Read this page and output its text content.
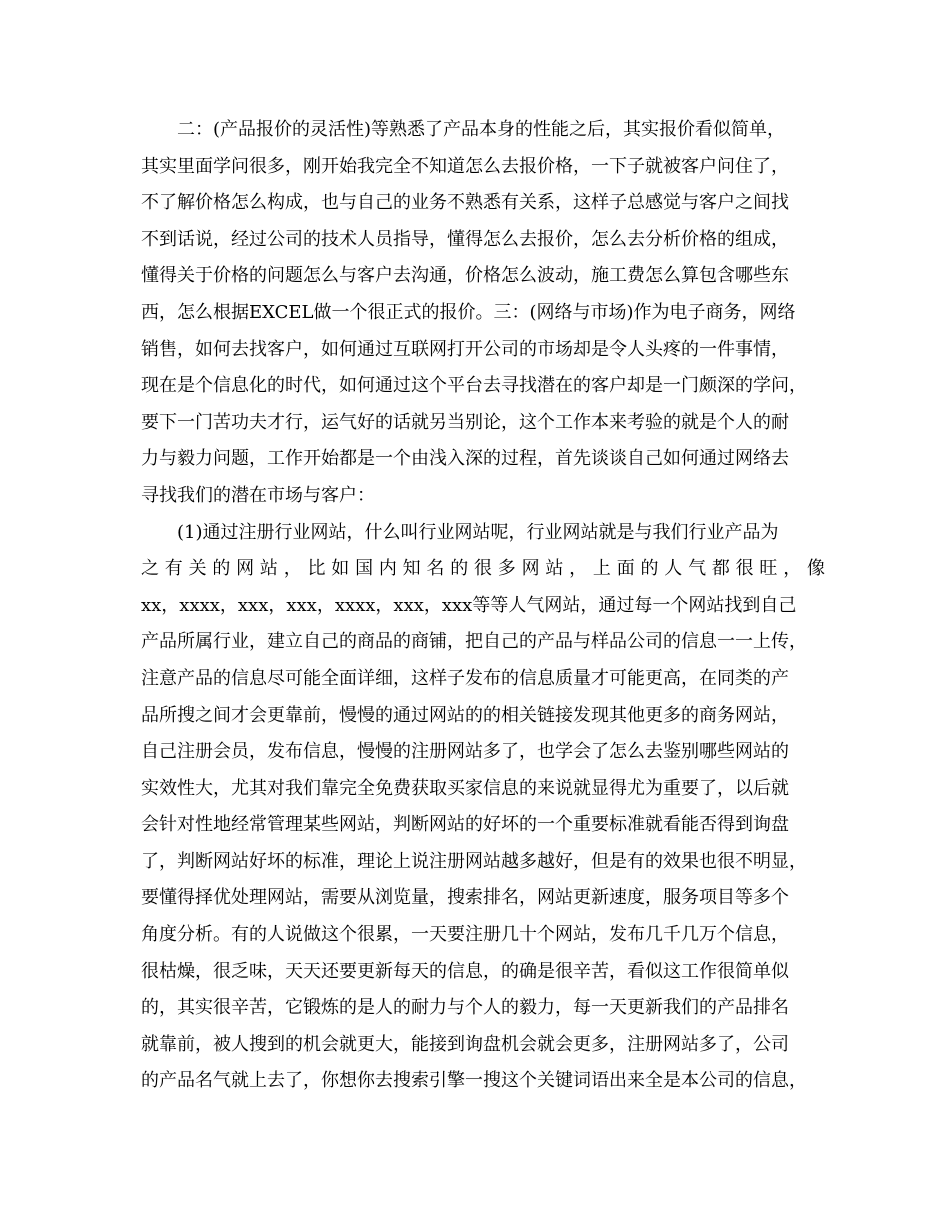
二：(产品报价的灵活性)等熟悉了产品本身的性能之后，其实报价看似简单，
其实里面学问很多，刚开始我完全不知道怎么去报价格，一下子就被客户问住了，
不了解价格怎么构成，也与自己的业务不熟悉有关系，这样子总感觉与客户之间找
不到话说，经过公司的技术人员指导，懂得怎么去报价，怎么去分析价格的组成，
懂得关于价格的问题怎么与客户去沟通，价格怎么波动，施工费怎么算包含哪些东
西，怎么根据EXCEL做一个很正式的报价。三：(网络与市场)作为电子商务，网络
销售，如何去找客户，如何通过互联网打开公司的市场却是令人头疼的一件事情，
现在是个信息化的时代，如何通过这个平台去寻找潜在的客户却是一门颇深的学问，
要下一门苦功夫才行，运气好的话就另当别论，这个工作本来考验的就是个人的耐
力与毅力问题，工作开始都是一个由浅入深的过程，首先谈谈自己如何通过网络去
寻找我们的潜在市场与客户：
(1)通过注册行业网站，什么叫行业网站呢，行业网站就是与我们行业产品为
之有关的网站，比如国内知名的很多网站，上面的人气都很旺，像
xx，xxxx，xxx，xxx，xxxx，xxx，xxx等等人气网站，通过每一个网站找到自己
产品所属行业，建立自己的商品的商铺，把自己的产品与样品公司的信息一一上传，
注意产品的信息尽可能全面详细，这样子发布的信息质量才可能更高，在同类的产
品所搜之间才会更靠前，慢慢的通过网站的的相关链接发现其他更多的商务网站，
自己注册会员，发布信息，慢慢的注册网站多了，也学会了怎么去鉴别哪些网站的
实效性大，尤其对我们靠完全免费获取买家信息的来说就显得尤为重要了，以后就
会针对性地经常管理某些网站，判断网站的好坏的一个重要标准就看能否得到询盘
了，判断网站好坏的标准，理论上说注册网站越多越好，但是有的效果也很不明显，
要懂得择优处理网站，需要从浏览量，搜索排名，网站更新速度，服务项目等多个
角度分析。有的人说做这个很累，一天要注册几十个网站，发布几千几万个信息，
很枯燥，很乏味，天天还要更新每天的信息，的确是很辛苦，看似这工作很简单似
的，其实很辛苦，它锻炼的是人的耐力与个人的毅力，每一天更新我们的产品排名
就靠前，被人搜到的机会就更大，能接到询盘机会就会更多，注册网站多了，公司
的产品名气就上去了，你想你去搜索引擎一搜这个关键词语出来全是本公司的信息，
